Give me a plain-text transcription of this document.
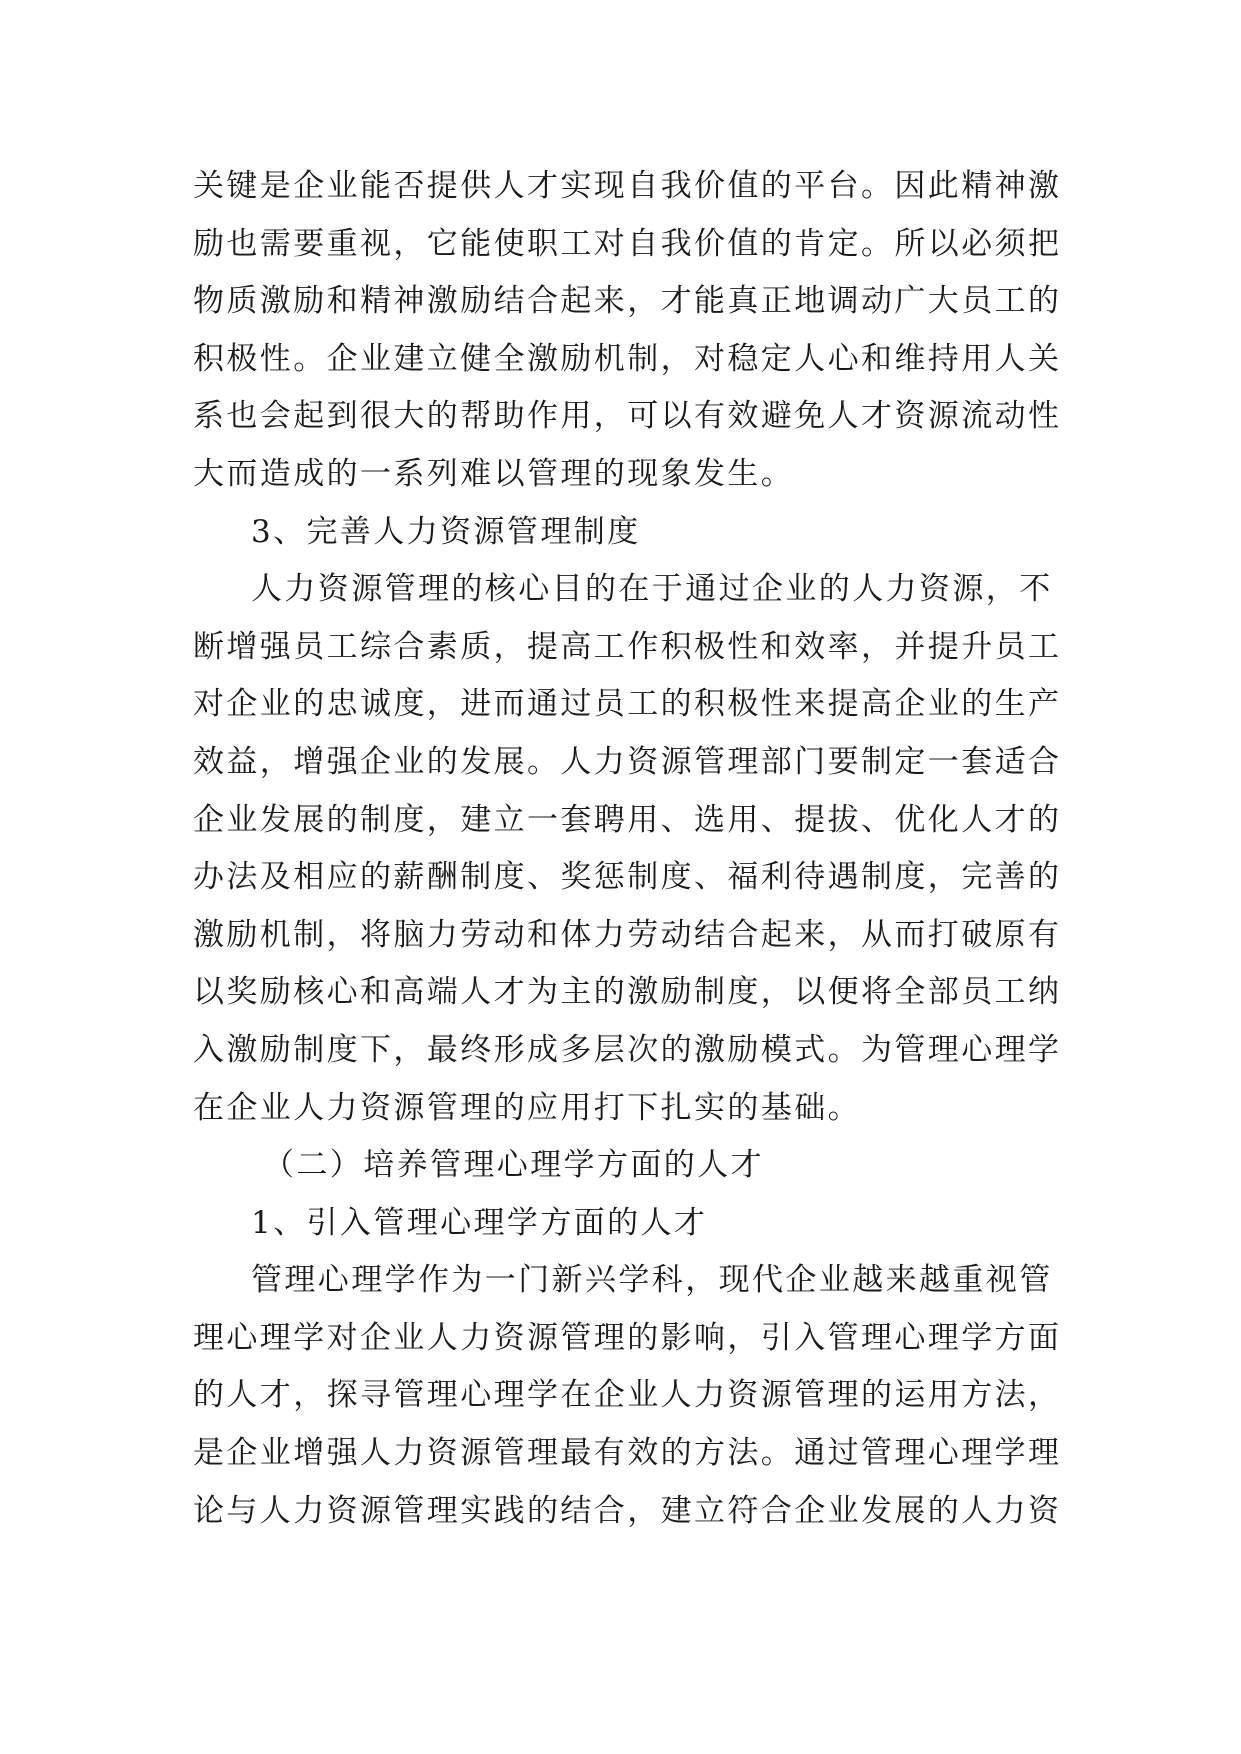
关键是企业能否提供人才实现自我价值的平台。因此精神激

励也需要重视，它能使职工对自我价值的肯定。所以必须把

物质激励和精神激励结合起来，才能真正地调动广大员工的

积极性。企业建立健全激励机制，对稳定人心和维持用人关

系也会起到很大的帮助作用，可以有效避免人才资源流动性

大而造成的一系列难以管理的现象发生。

3、完善人力资源管理制度

人力资源管理的核心目的在于通过企业的人力资源，不

断增强员工综合素质，提高工作积极性和效率，并提升员工

对企业的忠诚度，进而通过员工的积极性来提高企业的生产

效益，增强企业的发展。人力资源管理部门要制定一套适合

企业发展的制度，建立一套聘用、选用、提拔、优化人才的

办法及相应的薪酬制度、奖惩制度、福利待遇制度，完善的

激励机制，将脑力劳动和体力劳动结合起来，从而打破原有

以奖励核心和高端人才为主的激励制度，以便将全部员工纳

入激励制度下，最终形成多层次的激励模式。为管理心理学

在企业人力资源管理的应用打下扎实的基础。

（二）培养管理心理学方面的人才

1、引入管理心理学方面的人才

管理心理学作为一门新兴学科，现代企业越来越重视管

理心理学对企业人力资源管理的影响，引入管理心理学方面

的人才，探寻管理心理学在企业人力资源管理的运用方法，

是企业增强人力资源管理最有效的方法。通过管理心理学理

论与人力资源管理实践的结合，建立符合企业发展的人力资
